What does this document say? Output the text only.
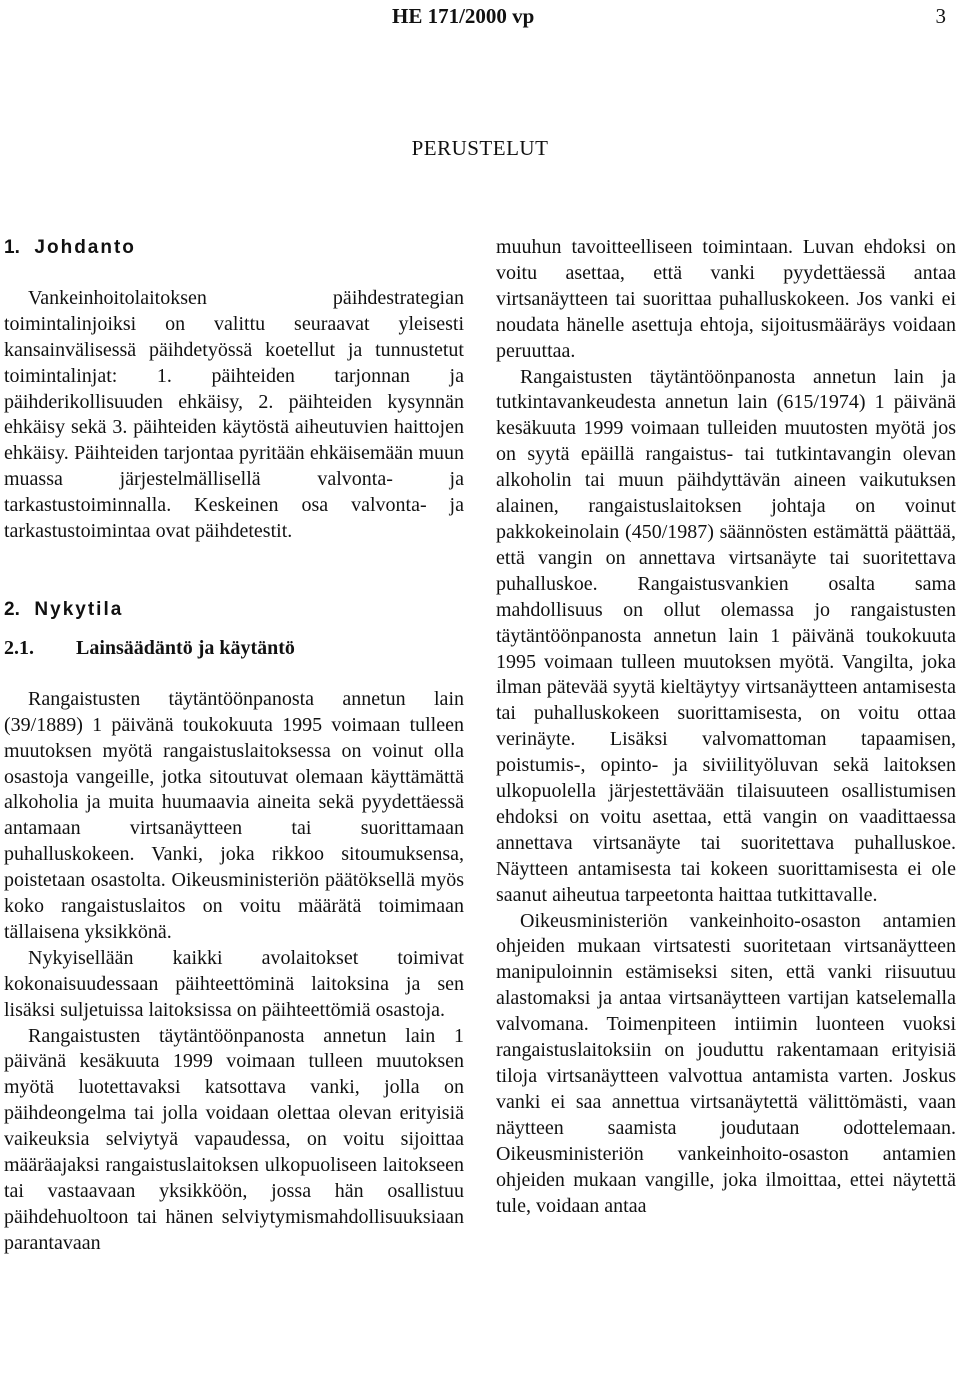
HE 171/2000 vp	3
PERUSTELUT
1. Johdanto

Vankeinhoitolaitoksen päihdestrategian toimintalinjoiksi on valittu seuraavat yleisesti kansainvälisessä päihdetyössä koetellut ja tunnustetut toimintalinjat: 1. päihteiden tarjonnan ja päihderikollisuuden ehkäisy, 2. päihteiden kysynnän ehkäisy sekä 3. päihteiden käytöstä aiheutuvien haittojen ehkäisy. Päihteiden tarjontaa pyritään ehkäisemään muun muassa järjestelmällisellä valvonta- ja tarkastustoiminnalla. Keskeinen osa valvonta- ja tarkastustoimintaa ovat päihdetestit.

2. Nykytila
2.1. Lainsäädäntö ja käytäntö

Rangaistusten täytäntöönpanosta annetun lain (39/1889) 1 päivänä toukokuuta 1995 voimaan tulleen muutoksen myötä rangaistuslaitoksessa on voinut olla osastoja vangeille, jotka sitoutuvat olemaan käyttämättä alkoholia ja muita huumaavia aineita sekä pyydettäessä antamaan virtsanäytteen tai suorittamaan puhalluskokeen. Vanki, joka rikkoo sitoumuksensa, poistetaan osastolta. Oikeusministeriön päätöksellä myös koko rangaistuslaitos on voitu määrätä toimimaan tällaisena yksikkönä.

Nykyisellään kaikki avolaitokset toimivat kokonaisuudessaan päihteettöminä laitoksina ja sen lisäksi suljetuissa laitoksissa on päihteettömiä osastoja.

Rangaistusten täytäntöönpanosta annetun lain 1 päivänä kesäkuuta 1999 voimaan tulleen muutoksen myötä luotettavaksi katsottava vanki, jolla on päihdeongelma tai jolla voidaan olettaa olevan erityisiä vaikeuksia selviytyä vapaudessa, on voitu sijoittaa määräajaksi rangaistuslaitoksen ulkopuoliseen laitokseen tai vastaavaan yksikköön, jossa hän osallistuu päihdehuoltoon tai hänen selviytymismahdollisuuksiaan parantavaan

muuhun tavoitteelliseen toimintaan. Luvan ehdoksi on voitu asettaa, että vanki pyydettäessä antaa virtsanäytteen tai suorittaa puhalluskokeen. Jos vanki ei noudata hänelle asettuja ehtoja, sijoitusmääräys voidaan peruuttaa.

Rangaistusten täytäntöönpanosta annetun lain ja tutkintavankeudesta annetun lain (615/1974) 1 päivänä kesäkuuta 1999 voimaan tulleiden muutosten myötä jos on syytä epäillä rangaistus- tai tutkintavangin olevan alkoholin tai muun päihdyttävän aineen vaikutuksen alainen, rangaistuslaitoksen johtaja on voinut pakkokeinolain (450/1987) säännösten estämättä päättää, että vangin on annettava virtsanäyte tai suoritettava puhalluskoe. Rangaistusvankien osalta sama mahdollisuus on ollut olemassa jo rangaistusten täytäntöönpanosta annetun lain 1 päivänä toukokuuta 1995 voimaan tulleen muutoksen myötä. Vangilta, joka ilman pätevää syytä kieltäytyy virtsanäytteen antamisesta tai puhalluskokeen suorittamisesta, on voitu ottaa verinäyte. Lisäksi valvomattoman tapaamisen, poistumis-, opinto- ja siviilityöluvan sekä laitoksen ulkopuolella järjestettävään tilaisuuteen osallistumisen ehdoksi on voitu asettaa, että vangin on vaadittaessa annettava virtsanäyte tai suoritettava puhalluskoe. Näytteen antamisesta tai kokeen suorittamisesta ei ole saanut aiheutua tarpeetonta haittaa tutkittavalle.

Oikeusministeriön vankeinhoito-osaston antamien ohjeiden mukaan virtsatesti suoritetaan virtsanäytteen manipuloinnin estämiseksi siten, että vanki riisuutuu alastomaksi ja antaa virtsanäytteen vartijan katselemalla valvomana. Toimenpiteen intiimin luonteen vuoksi rangaistuslaitoksiin on jouduttu rakentamaan erityisiä tiloja virtsanäytteen valvottua antamista varten. Joskus vanki ei saa annettua virtsanäytettä välittömästi, vaan näytteen saamista joudutaan odottelemaan. Oikeusministeriön vankeinhoito-osaston antamien ohjeiden mukaan vangille, joka ilmoittaa, ettei näytettä tule, voidaan antaa
